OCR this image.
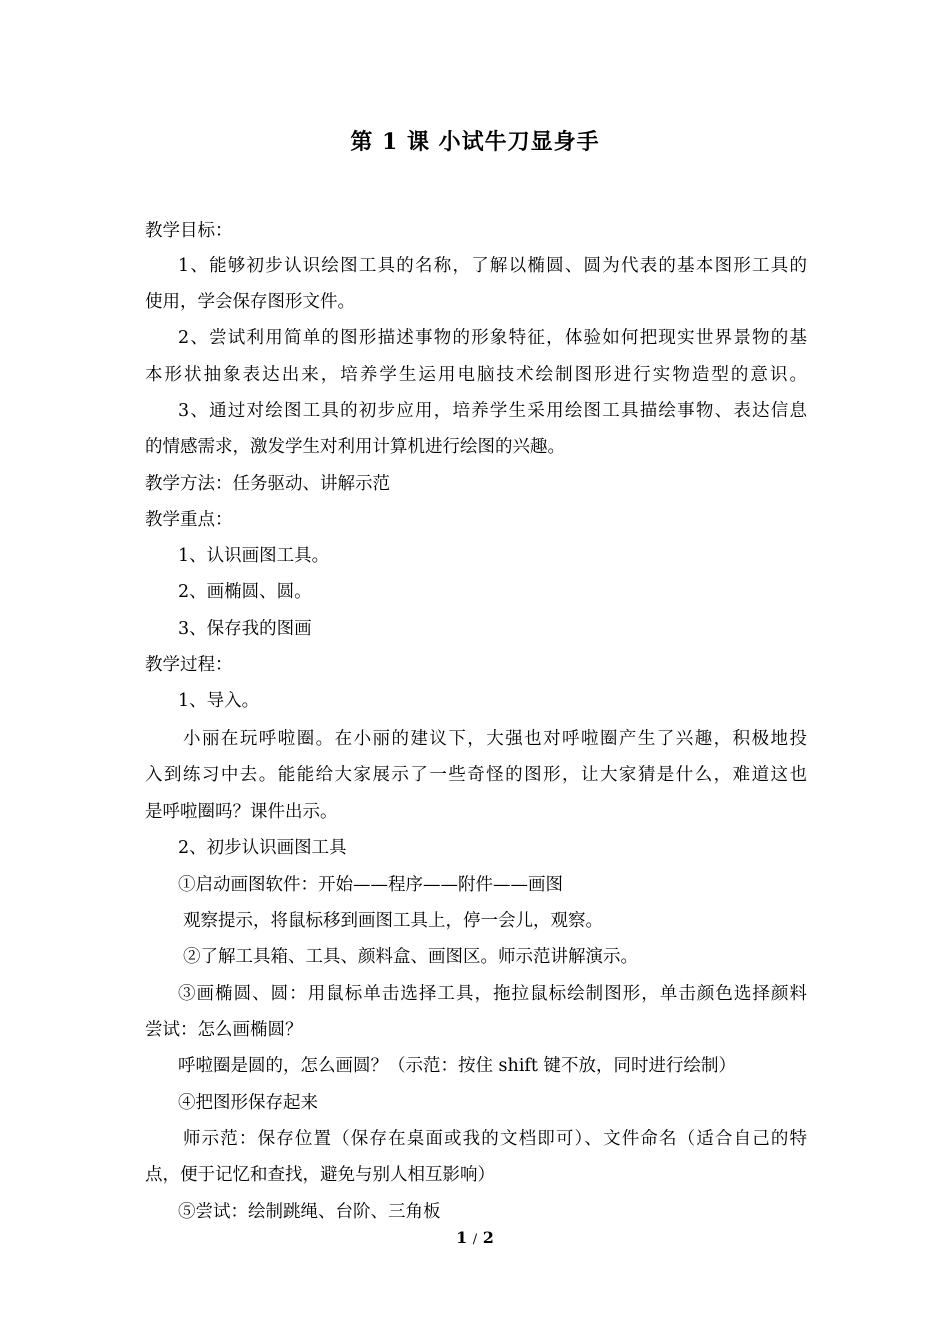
第 1 课 小试牛刀显身手
教学目标：
1、能够初步认识绘图工具的名称，了解以椭圆、圆为代表的基本图形工具的
使用，学会保存图形文件。
2、尝试利用简单的图形描述事物的形象特征，体验如何把现实世界景物的基
本形状抽象表达出来，培养学生运用电脑技术绘制图形进行实物造型的意识。
3、通过对绘图工具的初步应用，培养学生采用绘图工具描绘事物、表达信息
的情感需求，激发学生对利用计算机进行绘图的兴趣。
教学方法：任务驱动、讲解示范
教学重点：
1、认识画图工具。
2、画椭圆、圆。
3、保存我的图画
教学过程：
1、导入。
小丽在玩呼啦圈。在小丽的建议下，大强也对呼啦圈产生了兴趣，积极地投
入到练习中去。能能给大家展示了一些奇怪的图形，让大家猜是什么，难道这也
是呼啦圈吗？课件出示。
2、初步认识画图工具
①启动画图软件：开始——程序——附件——画图
观察提示，将鼠标移到画图工具上，停一会儿，观察。
②了解工具箱、工具、颜料盒、画图区。师示范讲解演示。
③画椭圆、圆：用鼠标单击选择工具，拖拉鼠标绘制图形，单击颜色选择颜料
尝试：怎么画椭圆？
呼啦圈是圆的，怎么画圆？（示范：按住 shift 键不放，同时进行绘制）
④把图形保存起来
师示范：保存位置（保存在桌面或我的文档即可）、文件命名（适合自己的特
点，便于记忆和查找，避免与别人相互影响）
⑤尝试：绘制跳绳、台阶、三角板
1 / 2
